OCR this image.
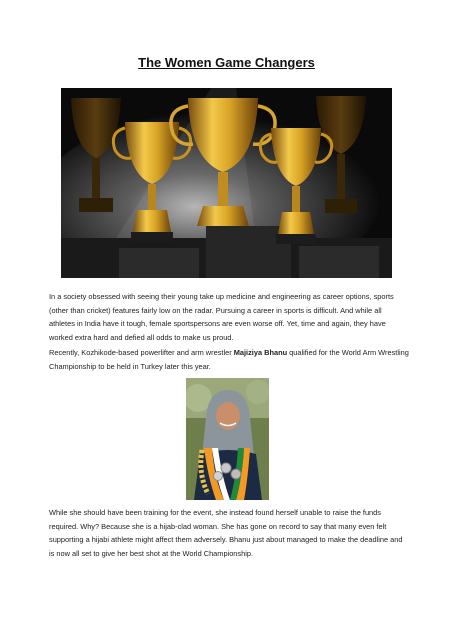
The Women Game Changers

In a society obsessed with seeing their young take up medicine and engineering as career options, sports (other than cricket) features fairly low on the radar. Pursuing a career in sports is difficult. And while all athletes in India have it tough, female sportspersons are even worse off. Yet, time and again, they have worked extra hard and defied all odds to make us proud.

Recently, Kozhikode-based powerlifter and arm wrestler Majiziya Bhanu qualified for the World Arm Wrestling Championship to be held in Turkey later this year.

While she should have been training for the event, she instead found herself unable to raise the funds required. Why? Because she is a hijab-clad woman. She has gone on record to say that many even felt supporting a hijabi athlete might affect them adversely. Bhanu just about managed to make the deadline and is now all set to give her best shot at the World Championship.
